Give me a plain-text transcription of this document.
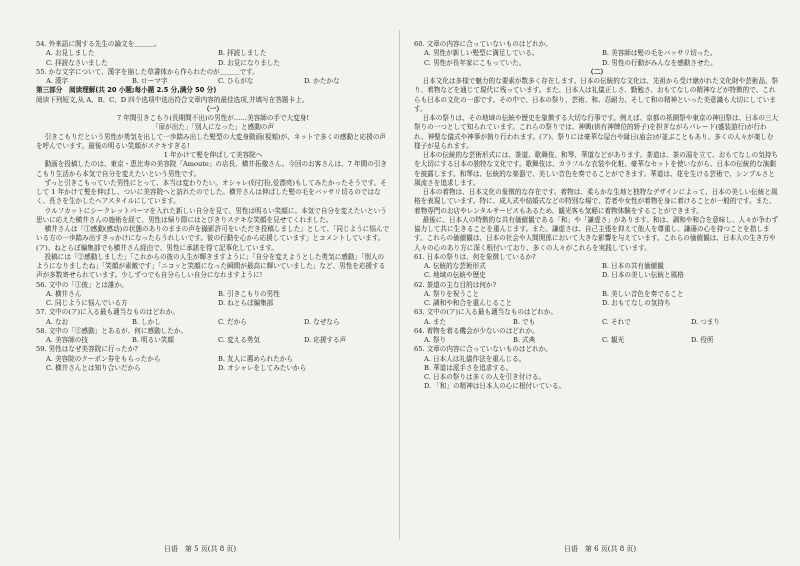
54. 外来語に関する先生の論文を＿＿＿。

A. お見しました	B. 拝読しました
C. 拝読なさいました	D. お見になりました

55. かな文字について、漢字を崩した草書体から作られたのが＿＿＿です。

A. 漢字	B. ローマ字	C. ひらがな	D. かたかな

第三部分　阅读理解(共 20 小题;每小题 2.5 分,满分 50 分)

阅读下列短文,从 A、B、C、D 四个选项中选出符合文章内容的最佳选项,并填写在答题卡上。

（一）

7 年間引きこもり(長期間不出)の男性が……美容師の手で大変身!

「扉が出た」「別人になった」と感動の声

引きこもりだという男性が勇気を出して一歩踏み出した髪型の大変身動画(視頻)が、ネットで多くの感動と応援の声を呼んでいます。最後の明るい笑顔がステキすぎる!

1 年かけて髪を伸ばして美容院へ

動画を投稿したのは、東京・恵比寿の美容院「Amoute」の店長、横井拓徹さん。今回のお客さんは、7 年間の引きこもり生活から本気で自分を変えたいという男性です。

ずっと引きこもっていた男性にとって、本当は変わりたい。オシャレ(好打扮,爱漂亮)もしてみたかったそうです。そして 1 年かけて髪を伸ばし、ついに美容院へと訪れたのでした。横井さんは伸ばした髪の毛をバッサリ切るのではなく、長さを生かしたヘアスタイルにしています。

ウルフカットにシークレットパーマを入れた新しい自分を見て、男性は明るい笑顔に。本気で自分を変えたいという思いに応えた横井さんの施術を経て、男性は帰り際にはとびきりステキな笑顔を見せてくれました。

横井さんは「①感動(感动)の状態のありのままの声を撮影許可をいただき投稿しました」として、「同じように悩んでいる方の一歩踏み出すきっかけになったらうれしいです。彼の行動を心から応援しています」とコメントしています。(ア)、ねとらぼ編集部でも横井さん経由で、男性に承諾を得て記事化しています。

投稿には「②感動しました」「これからの彼の人生が輝きますように」「自分を変えようとした勇気に感動」「別人のようになりましたね」「笑顔が素敵です」「ニコッと笑顔になった瞬間が最高に輝いていました」など、男性を応援する声が多数寄せられています。少しずつでも自分らしい自分になれますように!

56. 文中の「①彼」とは誰か。

A. 横井さん	B. 引きこもりの男性
C. 同じように悩んでいる方	D. ねとらぼ編集部

57. 文中の(ア)に入る最も適当なものはどれか。

A. なお	B. しかし	C. だから	D. なぜなら

58. 文中の「②感動」とあるが、何に感動したか。

A. 美容師の技	B. 明るい笑顔	C. 変える勇気	D. 応援する声

59. 男性はなぜ美容院に行ったか?

A. 美容院のクーポン券をもらったから	B. 友人に薦められたから
C. 横井さんとは知り合いだから	D. オシャレをしてみたいから
日语　第 5 页(共 8 页)

60. 文章の内容に合っていないものはどれか。

A. 男性が新しい髪型に満足している。	B. 美容師は髪の毛をバッサリ切った。
C. 男性が長年家にこもっていた。	D. 男性の行動がみんなを感動させた。

（二）

日本文化は多様で魅力的な要素が数多く存在します。日本の伝統的な文化は、先祖から受け継がれた文化財や芸術品、祭り、着物などを通じて現代に残っています。また、日本人は礼儀正しさ、勤勉さ、おもてなしの精神などが特徴的で、これらも日本の文化の一部です。その中で、日本の祭り、芸術、和、忍耐力、そして和の精神といった美意識も大切にしています。

日本の祭りは、その地域の伝統や歴史を象徴する大切な行事です。例えば、京都の祇園祭や東京の神田祭は、日本の三大祭りの一つとして知られています。これらの祭りでは、神輿(供有神牌位的轿子)を担ぎながらパレード(盛装游行)が行われ、神聖な儀式や神事が執り行われます。(ア)、祭りには豪華な屋台や縁日(庙会)が並ぶこともあり、多くの人々が楽しむ様子が見られます。

日本の伝統的な芸術形式には、茶道、歌舞伎、和琴、華道などがあります。茶道は、茶の湯を立て、おもてなしの気持ちを大切にする日本の独特な文化です。歌舞伎は、カラフルな衣装や化粧、豪華なセットを使いながら、日本の伝統的な演劇を披露します。和琴は、伝統的な楽器で、美しい音色を奏でることができます。華道は、花を生ける芸術で、シンプルさと風流さを追求します。

日本の着物は、日本文化の象徴的な存在です。着物は、柔らかな生地と独特なデザインによって、日本の美しい伝統と風格を表現しています。特に、成人式や結婚式などの特別な場で、若者や女性が着物を身に着けることが一般的です。また、着物専門のお店やレンタルサービスもあるため、観光客も気軽に着物体験をすることができます。

最後に、日本人の特徴的な共有価値観である「和」や「謙虚さ」があります。和は、調和や和合を意味し、人々が争わず協力して共に生きることを重んじます。また、謙虚さは、自己主張を抑えて他人を尊重し、謙遜の心を持つことを指します。これらの価値観は、日本の社会や人間関係において大きな影響を与えています。これらの価値観は、日本人の生き方や人々の心のあり方に深く根付いており、多くの人々がこれらを実践しています。

61. 日本の祭りは、何を象徴しているか?

A. 伝統的な芸術形式	B. 日本の共有価値観
C. 地域の伝統や歴史	D. 日本の美しい伝統と風格

62. 茶道の主な目的は何か?

A. 祭りを祝うこと	B. 美しい音色を奏でること
C. 調和や和合を重んじること	D. おもてなしの気持ち

63. 文中の(ア)に入る最も適当なものはどれか。

A. また	B. でも	C. それで	D. つまり

64. 着物を着る機会が少ないのはどれか。

A. 祭り	B. 式典	C. 観光	D. 役所

65. 文章の内容に合っていないものはどれか。

A. 日本人は礼儀作法を重んじる。

B. 華道は派手さを追求する。

C. 日本の祭りは多くの人を引き付ける。

D. 「和」の精神は日本人の心に根付いている。

日语　第 6 页(共 8 页)
